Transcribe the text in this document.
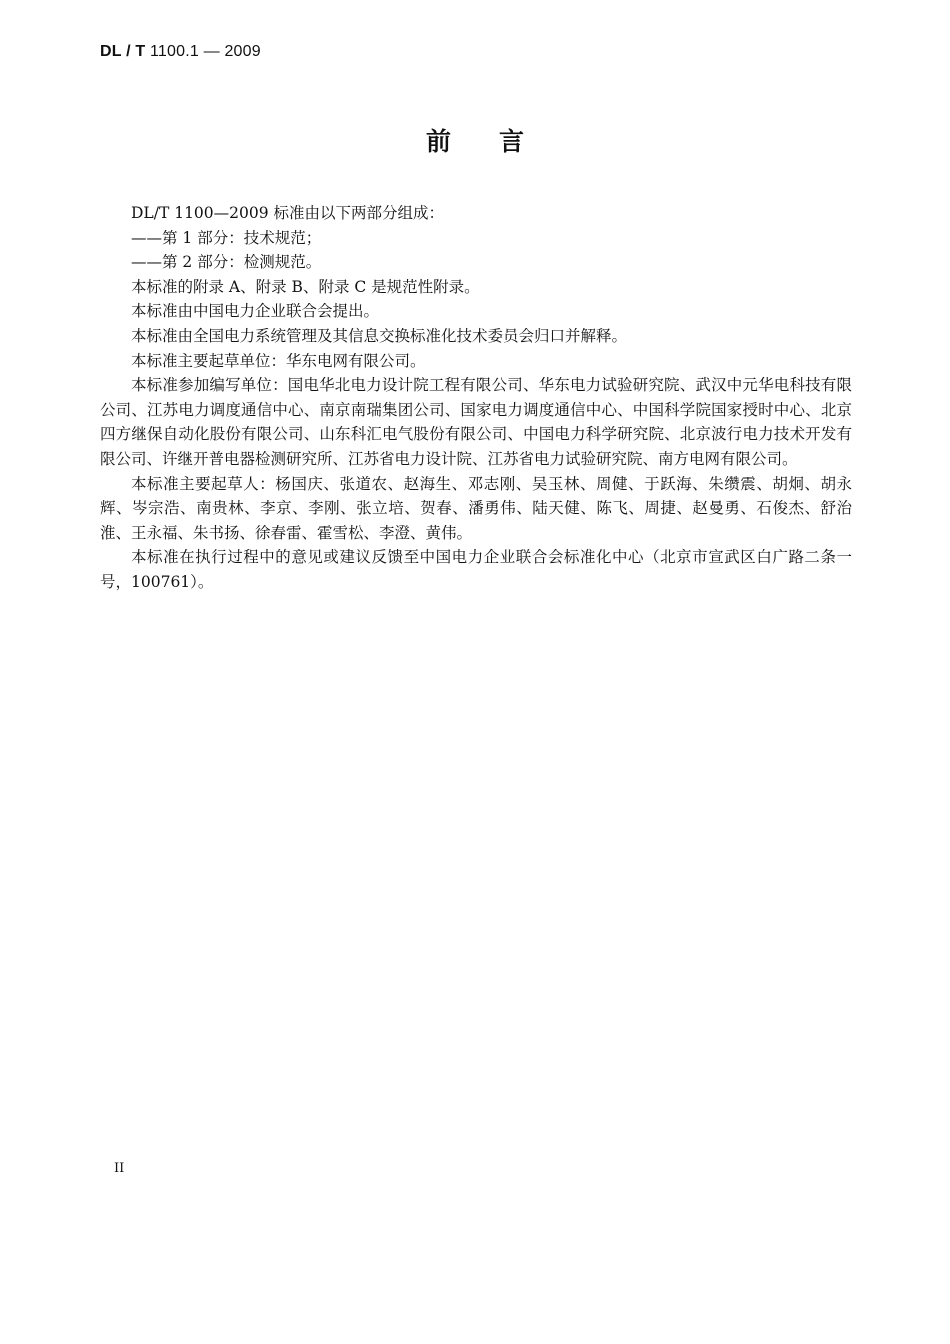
DL / T 1100.1 — 2009
前言

DL/T 1100—2009 标准由以下两部分组成：

——第 1 部分：技术规范；

——第 2 部分：检测规范。

本标准的附录 A、附录 B、附录 C 是规范性附录。

本标准由中国电力企业联合会提出。

本标准由全国电力系统管理及其信息交换标准化技术委员会归口并解释。

本标准主要起草单位：华东电网有限公司。

本标准参加编写单位：国电华北电力设计院工程有限公司、华东电力试验研究院、武汉中元华电科技有限公司、江苏电力调度通信中心、南京南瑞集团公司、国家电力调度通信中心、中国科学院国家授时中心、北京四方继保自动化股份有限公司、山东科汇电气股份有限公司、中国电力科学研究院、北京波行电力技术开发有限公司、许继开普电器检测研究所、江苏省电力设计院、江苏省电力试验研究院、南方电网有限公司。

本标准主要起草人：杨国庆、张道农、赵海生、邓志刚、吴玉林、周健、于跃海、朱缵震、胡炯、胡永辉、岑宗浩、南贵林、李京、李刚、张立培、贺春、潘勇伟、陆天健、陈飞、周捷、赵曼勇、石俊杰、舒治淮、王永福、朱书扬、徐春雷、霍雪松、李澄、黄伟。

本标准在执行过程中的意见或建议反馈至中国电力企业联合会标准化中心（北京市宣武区白广路二条一号，100761）。

II
